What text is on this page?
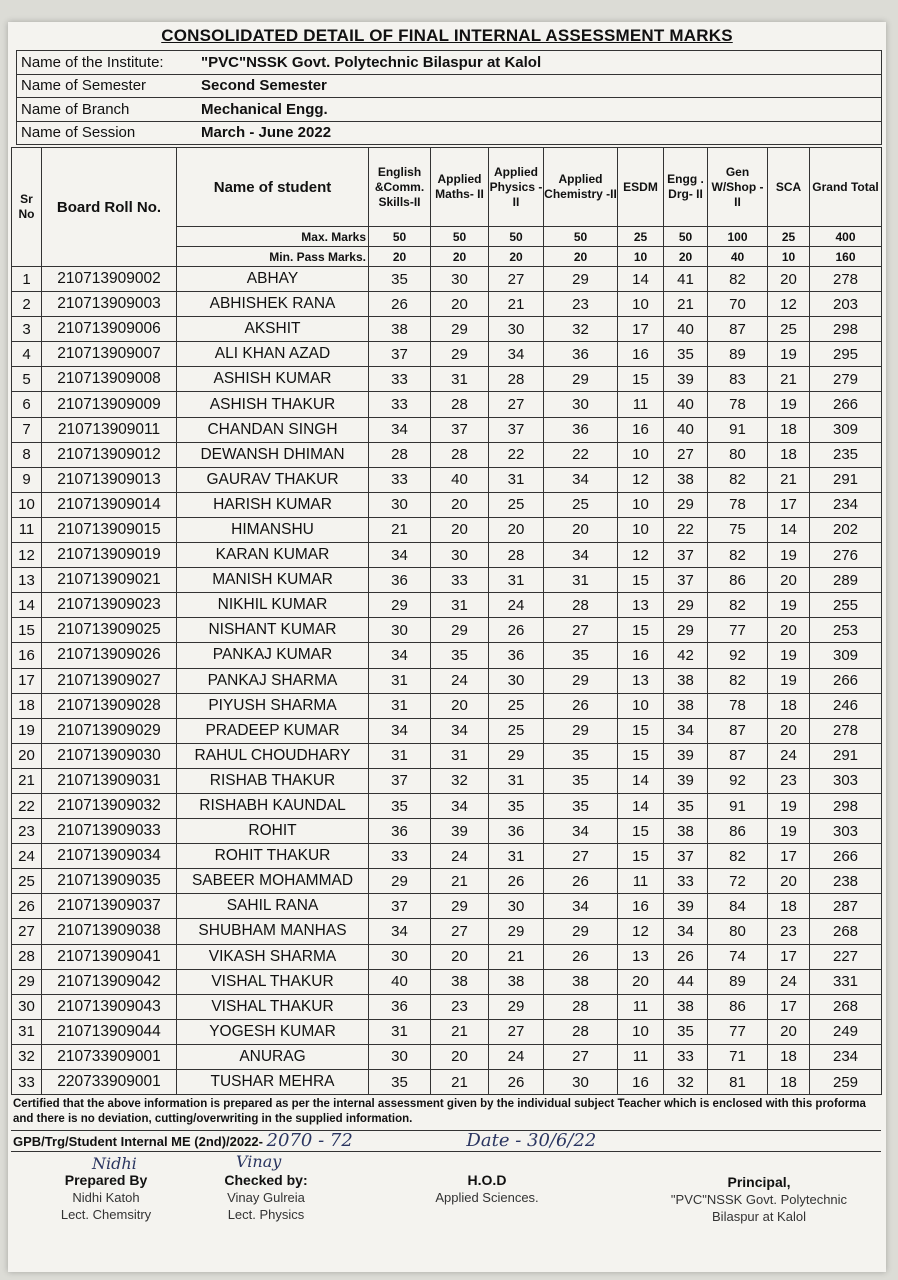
CONSOLIDATED DETAIL OF FINAL INTERNAL ASSESSMENT MARKS
Name of the Institute:	"PVC"NSSK Govt. Polytechnic Bilaspur at Kalol
Name of Semester	Second Semester
Name of Branch	Mechanical Engg.
Name of Session	March - June 2022
Sr No	Board Roll No.	Name of student	English &Comm. Skills-II	Applied Maths- II	Applied Physics -II	Applied Chemistry -II	ESDM	Engg . Drg- II	Gen W/Shop - II	SCA	Grand Total
		Max. Marks	50	50	50	50	25	50	100	25	400
		Min. Pass Marks.	20	20	20	20	10	20	40	10	160
1	210713909002	ABHAY	35	30	27	29	14	41	82	20	278
2	210713909003	ABHISHEK RANA	26	20	21	23	10	21	70	12	203
3	210713909006	AKSHIT	38	29	30	32	17	40	87	25	298
4	210713909007	ALI KHAN AZAD	37	29	34	36	16	35	89	19	295
5	210713909008	ASHISH KUMAR	33	31	28	29	15	39	83	21	279
6	210713909009	ASHISH THAKUR	33	28	27	30	11	40	78	19	266
7	210713909011	CHANDAN SINGH	34	37	37	36	16	40	91	18	309
8	210713909012	DEWANSH DHIMAN	28	28	22	22	10	27	80	18	235
9	210713909013	GAURAV THAKUR	33	40	31	34	12	38	82	21	291
10	210713909014	HARISH KUMAR	30	20	25	25	10	29	78	17	234
11	210713909015	HIMANSHU	21	20	20	20	10	22	75	14	202
12	210713909019	KARAN KUMAR	34	30	28	34	12	37	82	19	276
13	210713909021	MANISH KUMAR	36	33	31	31	15	37	86	20	289
14	210713909023	NIKHIL KUMAR	29	31	24	28	13	29	82	19	255
15	210713909025	NISHANT KUMAR	30	29	26	27	15	29	77	20	253
16	210713909026	PANKAJ KUMAR	34	35	36	35	16	42	92	19	309
17	210713909027	PANKAJ SHARMA	31	24	30	29	13	38	82	19	266
18	210713909028	PIYUSH SHARMA	31	20	25	26	10	38	78	18	246
19	210713909029	PRADEEP KUMAR	34	34	25	29	15	34	87	20	278
20	210713909030	RAHUL CHOUDHARY	31	31	29	35	15	39	87	24	291
21	210713909031	RISHAB THAKUR	37	32	31	35	14	39	92	23	303
22	210713909032	RISHABH KAUNDAL	35	34	35	35	14	35	91	19	298
23	210713909033	ROHIT	36	39	36	34	15	38	86	19	303
24	210713909034	ROHIT THAKUR	33	24	31	27	15	37	82	17	266
25	210713909035	SABEER MOHAMMAD	29	21	26	26	11	33	72	20	238
26	210713909037	SAHIL RANA	37	29	30	34	16	39	84	18	287
27	210713909038	SHUBHAM MANHAS	34	27	29	29	12	34	80	23	268
28	210713909041	VIKASH SHARMA	30	20	21	26	13	26	74	17	227
29	210713909042	VISHAL THAKUR	40	38	38	38	20	44	89	24	331
30	210713909043	VISHAL THAKUR	36	23	29	28	11	38	86	17	268
31	210713909044	YOGESH KUMAR	31	21	27	28	10	35	77	20	249
32	210733909001	ANURAG	30	20	24	27	11	33	71	18	234
33	220733909001	TUSHAR MEHRA	35	21	26	30	16	32	81	18	259
Certified that the above information is prepared as per the internal assessment given by the individual subject Teacher which is enclosed with this proforma and there is no deviation, cutting/overwriting in the supplied information.
GPB/Trg/Student Internal ME (2nd)/2022- 2070 - 72	Date - 30/6/22
Nidhi
Prepared By
Nidhi Katoh
Lect. Chemsitry
Vinay
Checked by:
Vinay Gulreia
Lect. Physics
H.O.D
Applied Sciences.
Principal,
"PVC"NSSK Govt. Polytechnic
Bilaspur at Kalol
